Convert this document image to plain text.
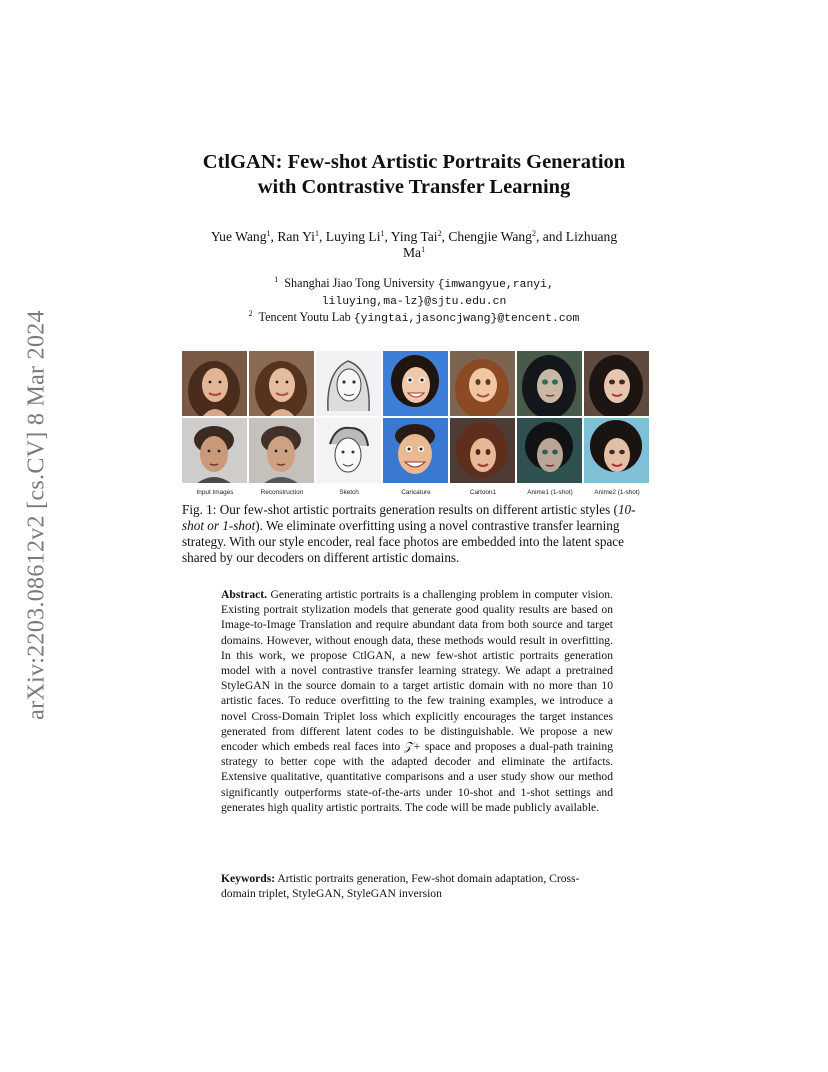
arXiv:2203.08612v2 [cs.CV] 8 Mar 2024
CtlGAN: Few-shot Artistic Portraits Generation
with Contrastive Transfer Learning
Yue Wang$^1$, Ran Yi$^1$, Luying Li$^1$, Ying Tai$^2$, Chengjie Wang$^2$, and Lizhuang
Ma$^1$
$^1$ Shanghai Jiao Tong University {imwangyue,ranyi,
liluying,ma-lz}@sjtu.edu.cn
$^2$ Tencent Youtu Lab {yingtai,jasoncjwang}@tencent.com
Input Images	Reconstruction	Sketch	Caricature	Cartoon1	Anime1 (1-shot)	Anime2 (1-shot)
Fig. 1: Our few-shot artistic portraits generation results on different artistic styles (10-shot or 1-shot). We eliminate overfitting using a novel contrastive transfer learning strategy. With our style encoder, real face photos are embedded into the latent space shared by our decoders on different artistic domains.
Abstract. Generating artistic portraits is a challenging problem in computer vision. Existing portrait stylization models that generate good quality results are based on Image-to-Image Translation and require abundant data from both source and target domains. However, without enough data, these methods would result in overfitting. In this work, we propose CtlGAN, a new few-shot artistic portraits generation model with a novel contrastive transfer learning strategy. We adapt a pretrained StyleGAN in the source domain to a target artistic domain with no more than 10 artistic faces. To reduce overfitting to the few training examples, we introduce a novel Cross-Domain Triplet loss which explicitly encourages the target instances generated from different latent codes to be distinguishable. We propose a new encoder which embeds real faces into 𝒵+ space and proposes a dual-path training strategy to better cope with the adapted decoder and eliminate the artifacts. Extensive qualitative, quantitative comparisons and a user study show our method significantly outperforms state-of-the-arts under 10-shot and 1-shot settings and generates high quality artistic portraits. The code will be made publicly available.
Keywords: Artistic portraits generation, Few-shot domain adaptation, Cross-domain triplet, StyleGAN, StyleGAN inversion
